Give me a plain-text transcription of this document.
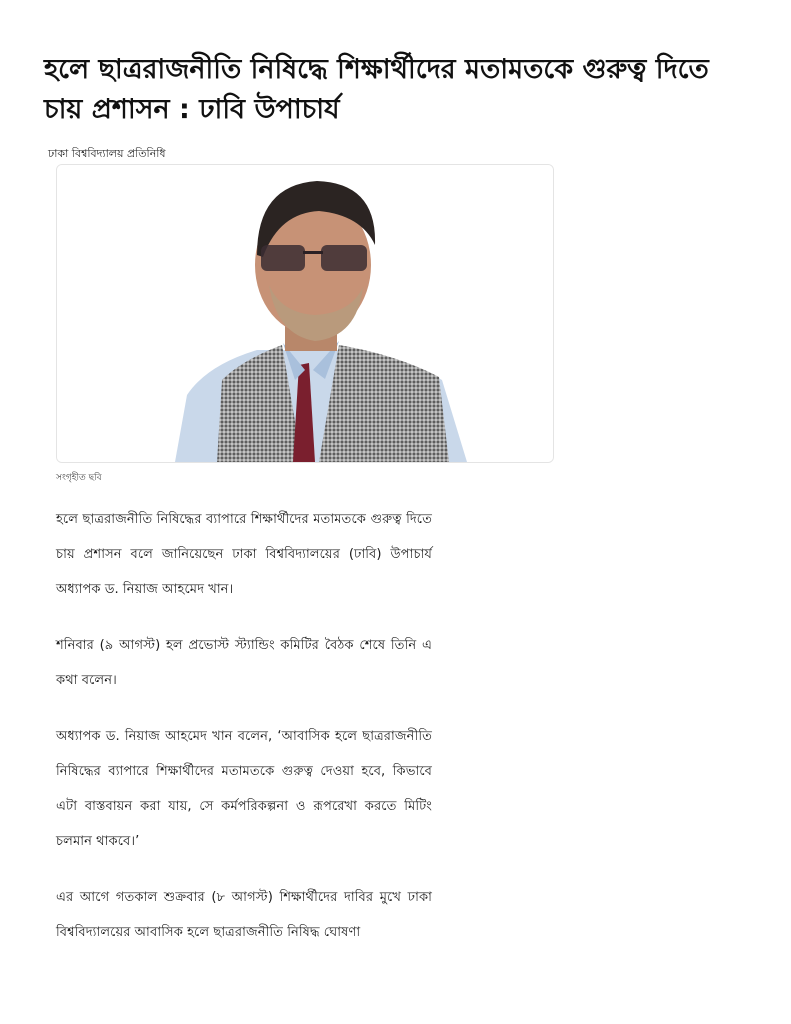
হলে ছাত্ররাজনীতি নিষিদ্ধে শিক্ষার্থীদের মতামতকে গুরুত্ব দিতে চায় প্রশাসন : ঢাবি উপাচার্য
ঢাকা বিশ্ববিদ্যালয় প্রতিনিধি
সংগৃহীত ছবি

হলে ছাত্ররাজনীতি নিষিদ্ধের ব্যাপারে শিক্ষার্থীদের মতামতকে গুরুত্ব দিতে চায় প্রশাসন বলে জানিয়েছেন ঢাকা বিশ্ববিদ্যালয়ের (ঢাবি) উপাচার্য অধ্যাপক ড. নিয়াজ আহমেদ খান।

শনিবার (৯ আগস্ট) হল প্রভোস্ট স্ট্যান্ডিং কমিটির বৈঠক শেষে তিনি এ কথা বলেন।

অধ্যাপক ড. নিয়াজ আহমেদ খান বলেন, ‘আবাসিক হলে ছাত্ররাজনীতি নিষিদ্ধের ব্যাপারে শিক্ষার্থীদের মতামতকে গুরুত্ব দেওয়া হবে, কিভাবে এটা বাস্তবায়ন করা যায়, সে কর্মপরিকল্পনা ও রূপরেখা করতে মিটিং চলমান থাকবে।’

এর আগে গতকাল শুক্রবার (৮ আগস্ট) শিক্ষার্থীদের দাবির মুখে ঢাকা বিশ্ববিদ্যালয়ের আবাসিক হলে ছাত্ররাজনীতি নিষিদ্ধ ঘোষণা
